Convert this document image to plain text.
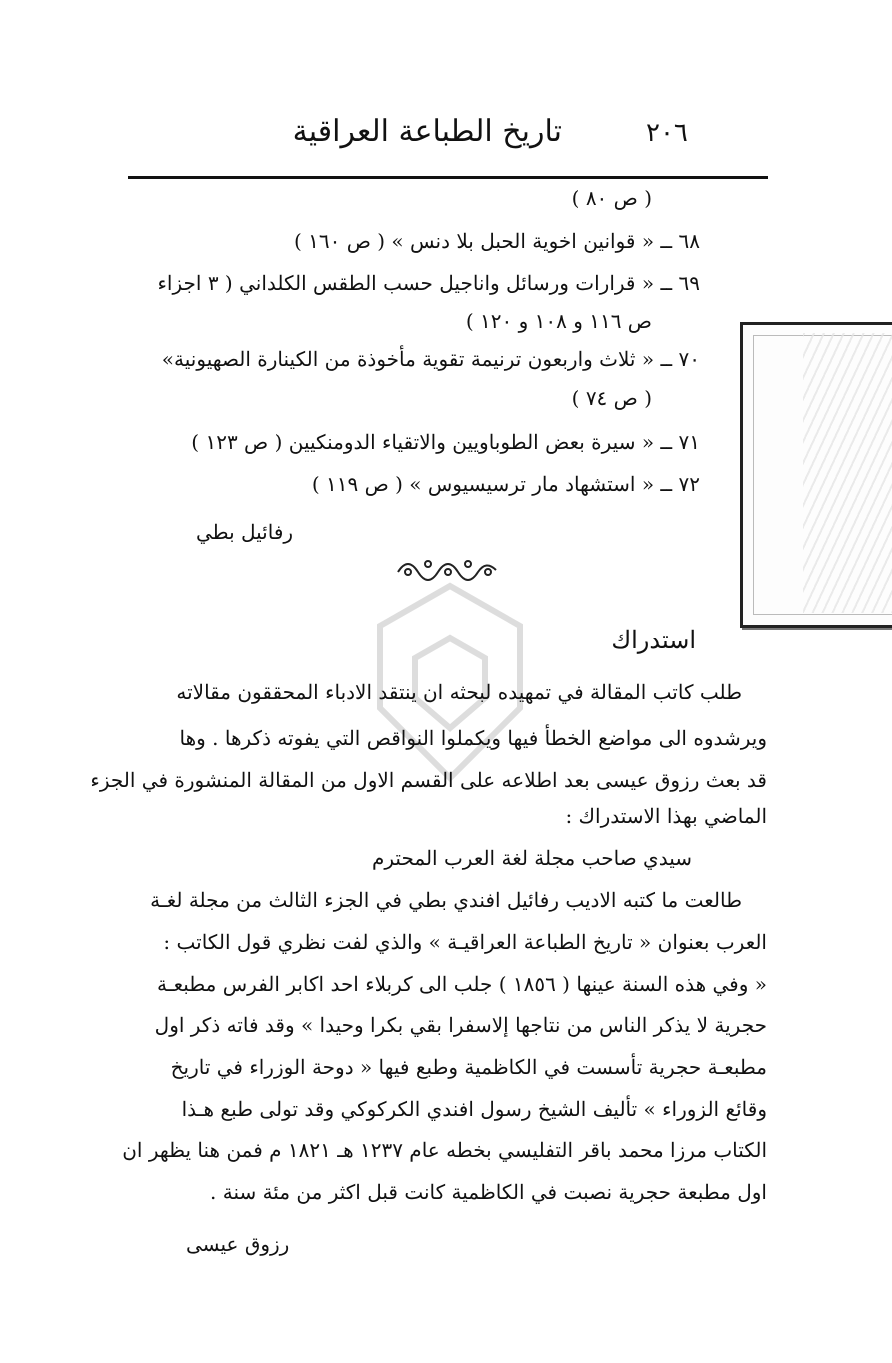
٢٠٦
تاريخ الطباعة العراقية
( ص ٨٠ )
٦٨ ــ « قوانين اخوية الحبل بلا دنس » ( ص ١٦٠ )
٦٩ ــ « قرارات ورسائل واناجيل حسب الطقس الكلداني ( ٣ اجزاء
ص ١١٦ و ١٠٨ و ١٢٠ )
٧٠ ــ « ثلاث واربعون ترنيمة تقوية مأخوذة من الكينارة الصهيونية»
( ص ٧٤ )
٧١ ــ « سيرة بعض الطوباويين والاتقياء الدومنكيين ( ص ١٢٣ )
٧٢ ــ « استشهاد مار ترسيسيوس » ( ص ١١٩ )
رفائيل بطي
استدراك
طلب كاتب المقالة في تمهيده لبحثه ان ينتقد الادباء المحققون مقالاته
ويرشدوه الى مواضع الخطأ فيها ويكملوا النواقص التي يفوته ذكرها . وها
قد بعث رزوق عيسى بعد اطلاعه على القسم الاول من المقالة المنشورة في الجزء
الماضي بهذا الاستدراك :
سيدي صاحب مجلة لغة العرب المحترم
طالعت ما كتبه الاديب رفائيل افندي بطي في الجزء الثالث من مجلة لغـة
العرب بعنوان « تاريخ الطباعة العراقيـة » والذي لفت نظري قول الكاتب :
« وفي هذه السنة عينها ( ١٨٥٦ ) جلب الى كربلاء احد اكابر الفرس مطبعـة
حجرية لا يذكر الناس من نتاجها إلاسفرا بقي بكرا وحيدا » وقد فاته ذكر اول
مطبعـة حجرية تأسست في الكاظمية وطبع فيها « دوحة الوزراء في تاريخ
وقائع الزوراء » تأليف الشيخ رسول افندي الكركوكي وقد تولى طبع هـذا
الكتاب مرزا محمد باقر التفليسي بخطه عام ١٢٣٧ هـ ١٨٢١ م فمن هنا يظهر ان
اول مطبعة حجرية نصبت في الكاظمية كانت قبل اكثر من مئة سنة .
رزوق عيسى
